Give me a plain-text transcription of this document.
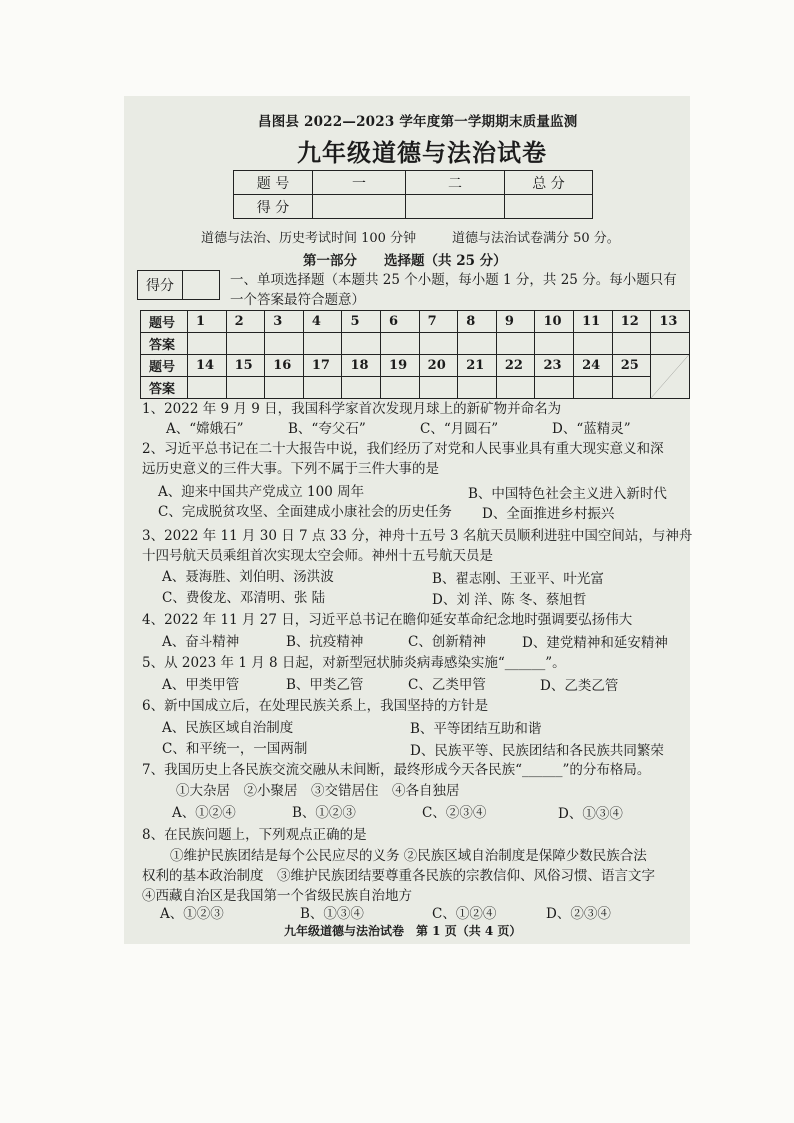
昌图县 2022—2023 学年度第一学期期末质量监测
九年级道德与法治试卷
题 号	一	二	总 分
得 分			
道德与法治、历史考试时间 100 分钟	道德与法治试卷满分 50 分。
第一部分　　选择题（共 25 分）
得分		一、单项选择题（本题共 25 个小题，每小题 1 分，共 25 分。每小题只有
一个答案最符合题意）
题号	1	2	3	4	5	6	7	8	9	10	11	12	13
答案													
题号	14	15	16	17	18	19	20	21	22	23	24	25	

答案													
1、2022 年 9 月 9 日，我国科学家首次发现月球上的新矿物并命名为
A、“嫦娥石”	B、“夸父石”	C、“月圆石”	D、“蓝精灵”
2、习近平总书记在二十大报告中说，我们经历了对党和人民事业具有重大现实意义和深
远历史意义的三件大事。下列不属于三件大事的是
A、迎来中国共产党成立 100 周年	B、中国特色社会主义进入新时代
C、完成脱贫攻坚、全面建成小康社会的历史任务 D、全面推进乡村振兴
3、2022 年 11 月 30 日 7 点 33 分，神舟十五号 3 名航天员顺利进驻中国空间站，与神舟
十四号航天员乘组首次实现太空会师。神州十五号航天员是
A、聂海胜、刘伯明、汤洪波	B、翟志刚、王亚平、叶光富
C、费俊龙、邓清明、张 陆	D、刘 洋、陈 冬、蔡旭哲
4、2022 年 11 月 27 日，习近平总书记在瞻仰延安革命纪念地时强调要弘扬伟大
A、奋斗精神	B、抗疫精神	C、创新精神	D、建党精神和延安精神
5、从 2023 年 1 月 8 日起，对新型冠状肺炎病毒感染实施“______”。
A、甲类甲管	B、甲类乙管	C、乙类甲管	D、乙类乙管
6、新中国成立后，在处理民族关系上，我国坚持的方针是
A、民族区域自治制度	B、平等团结互助和谐
C、和平统一，一国两制	D、民族平等、民族团结和各民族共同繁荣
7、我国历史上各民族交流交融从未间断，最终形成今天各民族“______”的分布格局。
①大杂居　②小聚居　③交错居住　④各自独居
A、①②④	B、①②③	C、②③④	D、①③④
8、在民族问题上，下列观点正确的是
①维护民族团结是每个公民应尽的义务 ②民族区域自治制度是保障少数民族合法
权利的基本政治制度　③维护民族团结要尊重各民族的宗教信仰、风俗习惯、语言文字
④西藏自治区是我国第一个省级民族自治地方
A、①②③	B、①③④	C、①②④	D、②③④
九年级道德与法治试卷　第 1 页（共 4 页）
